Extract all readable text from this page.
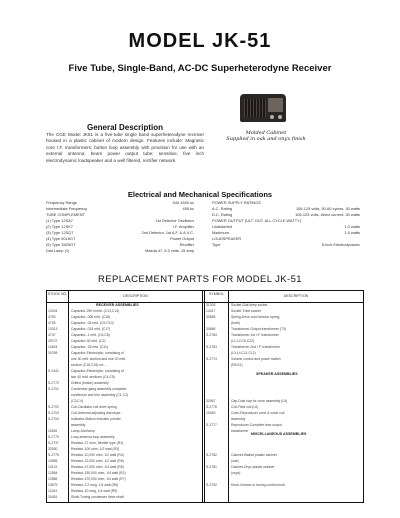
MODEL JK-51
Five Tube, Single-Band, AC-DC Superheterodyne Receiver
General Description
The CGE Model JK51 is a five-tube single band superheterodyne receiver housed in a plastic cabinet of modern design. Features include: Magnetic core I.F. transformers; button loop assembly with provision for use with an external antenna; beam power output tube; sensitive, five inch electrodynamic loudspeaker and a well filtered, rectifier network.
Molded Cabinet
Supplied in oak and onyx finish
Electrical and Mechanical Specifications
Frequency Range	540-1600 kc
Intermediate Frequency	455 kc
TUBE COMPLEMENT
(1) Type 12SA7	1st Detector Oscillator
(2) Type 12SK7	I.F. Amplifier
(3) Type 12SQ7	2nd Detector, 1st A.F. & A.V.C.
(4) Type 50L6GT	Power Output
(5) Type 35Z5GT	Rectifier
Dial Lamp (1)	Mazda 47, 6.3 volts .15 amp
POWER SUPPLY RATINGS
A.C. Rating	105-125 volts, 50-60 cycles, 30 watts
D.C. Rating	105-125 volts, direct current, 30 watts
POWER OUTPUT (ULT. OUT. ALL CYCLE WATTY)
Undistorted	1.0 watts
Maximum	1.5 watts
LOUDSPEAKER
Type	5-inch Electrodynamic
REPLACEMENT PARTS FOR MODEL JK-51
STOCK NO.	DESCRIPTION	SYMBOL	DESCRIPTION
RECEIVER ASSEMBLIES
SPEAKER ASSEMBLIES
MISCELLANEOUS ASSEMBLIES
12404	Capacitor-250 mmfd. (C13,C14)
4753	Capacitor-.005 mfd. (C16)
4745	Capacitor-.05 mfd. (C9,C10)
13313	Capacitor-.015 mfd. (C17)
4747	Capacitor-.1 mfd. (C6,C8)
29707	Capacitor-30 mfd. (C2)
12624	Capacitor-.25 mfd. (C11)
30765	Capacitor-Electrolytic; consisting of
one 30 mfd. section and one 20 mfd.
section (C18,C19) rot. ...
S-2441	Capacitor-Electrolytic; consisting of
two 40 mfd. sections (C4,C5)
S-2772	Grilled (button) assembly
S-2701	Condenser gang assembly complete;
condenser and trim assembly (C1,C2)
(C3,C4)
S-2702	Coil-Oscillator coil drive spring
S-2703	Coil-Antenna adjusting dial stops
S-2704	Indicator-Station indicator pointer
assembly
11506	Lamp-Dial lamp
S-2770	Loop-antenna loop assembly
S-2737	Resistor-27 ohm, flexible type (R1)
32530	Resistor-100 ohm, 1/2 watt (R3)
S-2775	Resistor-10,000 ohm, 1/2 watt (R4)
13585	Resistor-22,000 ohm, 1/2 watt (R6)
13131	Resistor-47,000 ohm, 1/4 watt (R5)
12564	Resistor-150,000 ohm, 1/4 watt (R2)
12585	Resistor-470,000 ohm, 1/4 watt (R7)
13679	Resistor-2.2 meg, 1/4 watt (R8)
12441	Resistor-10 meg, 1/4 watt (R9)
30451	Shaft-Tuning condenser drive shaft
31303	Socket-Dial lamp socket
14417	Socket-Tube socket
30565	Spring-Drive cord tension spring
(both)
30656	Transformer-Output transformer (T3)
S-2784	Transformer-1st I.F. transformer
(L1,L2,C6,C22)
S-2783	Transformer-2nd I.F. transformer
(L3,L4,C11,C12)
S-2774	Volume control and power switch
(R8,S1)
32967	Cap-Dust cap for cone assembly (L5)
S-2776	Coil-Field coil (L6)
10063	Cone-Reproducer cone & voice coil
assembly
S-2777	Reproducer-Complete less output
transformer
S-2782	Cabinet-Walnut plastic cabinet
(oak)
S-2781	Cabinet-Onyx plastic cabinet
(onyx)
S-2792	Knob-Volume or tuning control knob
